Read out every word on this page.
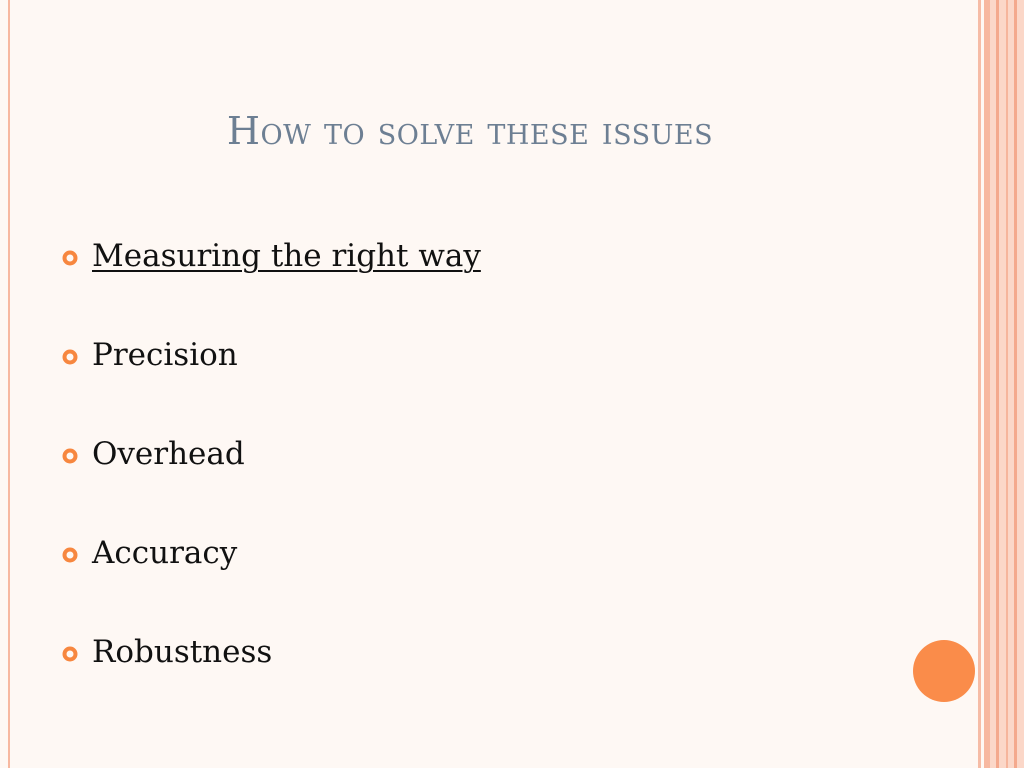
How to solve these issues
Measuring the right way
Precision
Overhead
Accuracy
Robustness
